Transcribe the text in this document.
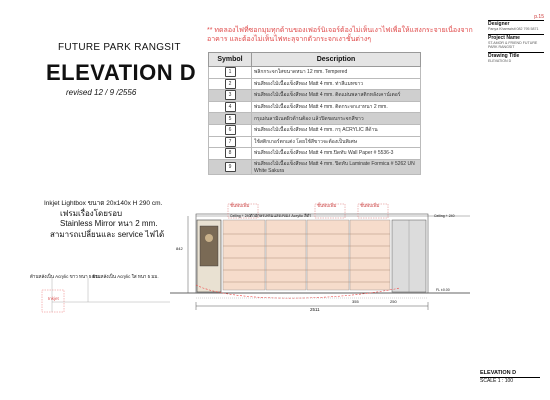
FUTURE PARK RANGSIT
ELEVATION D
revised 12 / 9 /2556
** ทดลองไฟที่ซอกมุมทุกด้านของเฟอร์นิเจอร์ต้องไม่เห็นเงาไฟเพื่อให้แสงกระจายเนื่องจากอาคาร และต้องไม่เห็นไฟทะลุจากตัวกระจกเงาชั้นต่างๆ
Symbol	Description
1	พลิกกระจกใสขนาดหนา 12 mm. Tempered
2	พ่นสีทองไม้เนื้อแข็งสีทอง Matt 4 mm. ท่าสีแมทขาว
3	พ่นสีทองไม้เนื้อแข็งสีทอง Matt 4 mm. ติดแผ่นพลาสติกหลังเคาน์เตอร์
4	พ่นสีทองไม้เนื้อแข็งสีทอง Matt 4 mm. ติดกระจกเงาหนา 2 mm.
5	กรุแผ่นลามิเนตผิวด้านต้อง แล้วปิดขอบกระจกสีขาว
6	พ่นสีทองไม้เนื้อแข็งสีทอง Matt 4 mm. กรุ ACRYLIC สีด้าน
7	ใช้สติกเกอร์ตกแต่ง โดยใช้สีขาวจะต้องเป็นพิเศษ
8	พ่นสีทองไม้เนื้อแข็งสีทอง Matt 4 mm.ปิดทับ Wall Paper # 5536-3
9	พ่นสีทองไม้เนื้อแข็งสีทอง Matt 4 mm. ปิดทับ Laminate Formica # 5262 UN White Sakura
p.15
Designer
Panya Khamwisit 082 795 5871
Project Name
ST.AMOR & FRIEND FUTURE PARK RANGSIT
Drawing Title
ELEVATION D
Inkjet Lightbox ขนาด 20x140x H 290 cm.
เฟรมเรื่องโดยรอบ
Stainless Mirror หนา 2 mm.
สามารถเปลี่ยนและ service ไฟได้
ชั้นพับเพิ่ม	ชั้นพับเพิ่ม	ชั้นพับเพิ่ม
ตัวอักษรเฟรมแสดงของ Acrylic สีดำ
Ceiling + 240	Ceiling + 240
842
2511
355	250
FL ±0.00
ด้านหลังเป็น Acrylic ขาว หนา 5 มม.
ด้านหลังเป็น Acrylic ใส หนา 5 มม.
Inkjet
ELEVATION D
SCALE 1 : 100
